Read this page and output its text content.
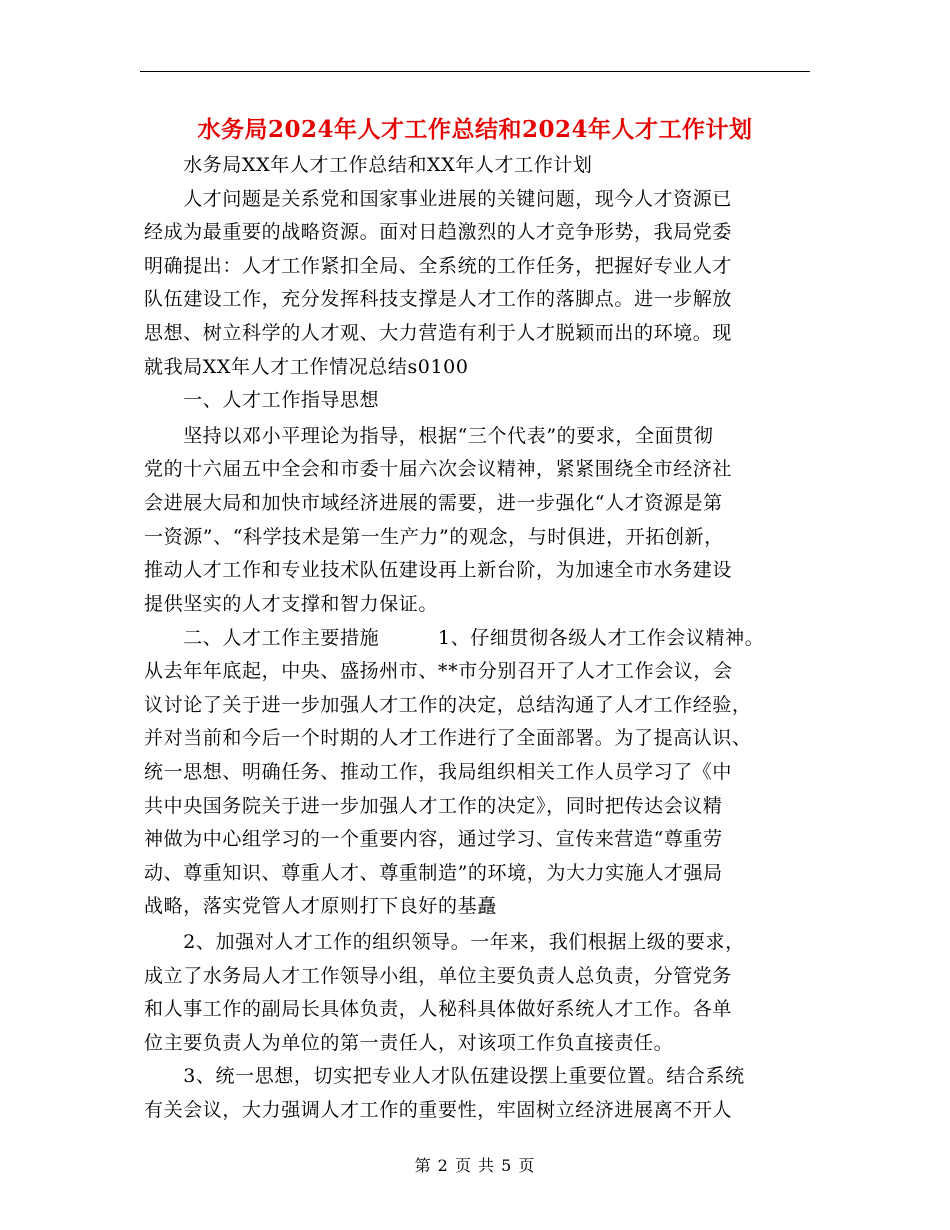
水务局2024年人才工作总结和2024年人才工作计划
　　水务局XX年人才工作总结和XX年人才工作计划
　　人才问题是关系党和国家事业进展的关键问题，现今人才资源已
经成为最重要的战略资源。面对日趋激烈的人才竞争形势，我局党委
明确提出：人才工作紧扣全局、全系统的工作任务，把握好专业人才
队伍建设工作，充分发挥科技支撑是人才工作的落脚点。进一步解放
思想、树立科学的人才观、大力营造有利于人才脱颖而出的环境。现
就我局XX年人才工作情况总结s0100
　　一、人才工作指导思想
　　坚持以邓小平理论为指导，根据“三个代表”的要求，全面贯彻
党的十六届五中全会和市委十届六次会议精神，紧紧围绕全市经济社
会进展大局和加快市域经济进展的需要，进一步强化“人才资源是第
一资源”、“科学技术是第一生产力”的观念，与时俱进，开拓创新，
推动人才工作和专业技术队伍建设再上新台阶，为加速全市水务建设
提供坚实的人才支撑和智力保证。
　　二、人才工作主要措施　　　1、仔细贯彻各级人才工作会议精神。
从去年年底起，中央、盛扬州市、**市分别召开了人才工作会议，会
议讨论了关于进一步加强人才工作的决定，总结沟通了人才工作经验，
并对当前和今后一个时期的人才工作进行了全面部署。为了提高认识、
统一思想、明确任务、推动工作，我局组织相关工作人员学习了《中
共中央国务院关于进一步加强人才工作的决定》，同时把传达会议精
神做为中心组学习的一个重要内容，通过学习、宣传来营造“尊重劳
动、尊重知识、尊重人才、尊重制造”的环境，为大力实施人才强局
战略，落实党管人才原则打下良好的基矗
　　2、加强对人才工作的组织领导。一年来，我们根据上级的要求，
成立了水务局人才工作领导小组，单位主要负责人总负责，分管党务
和人事工作的副局长具体负责，人秘科具体做好系统人才工作。各单
位主要负责人为单位的第一责任人，对该项工作负直接责任。
　　3、统一思想，切实把专业人才队伍建设摆上重要位置。结合系统
有关会议，大力强调人才工作的重要性，牢固树立经济进展离不开人
第 2 页 共 5 页
